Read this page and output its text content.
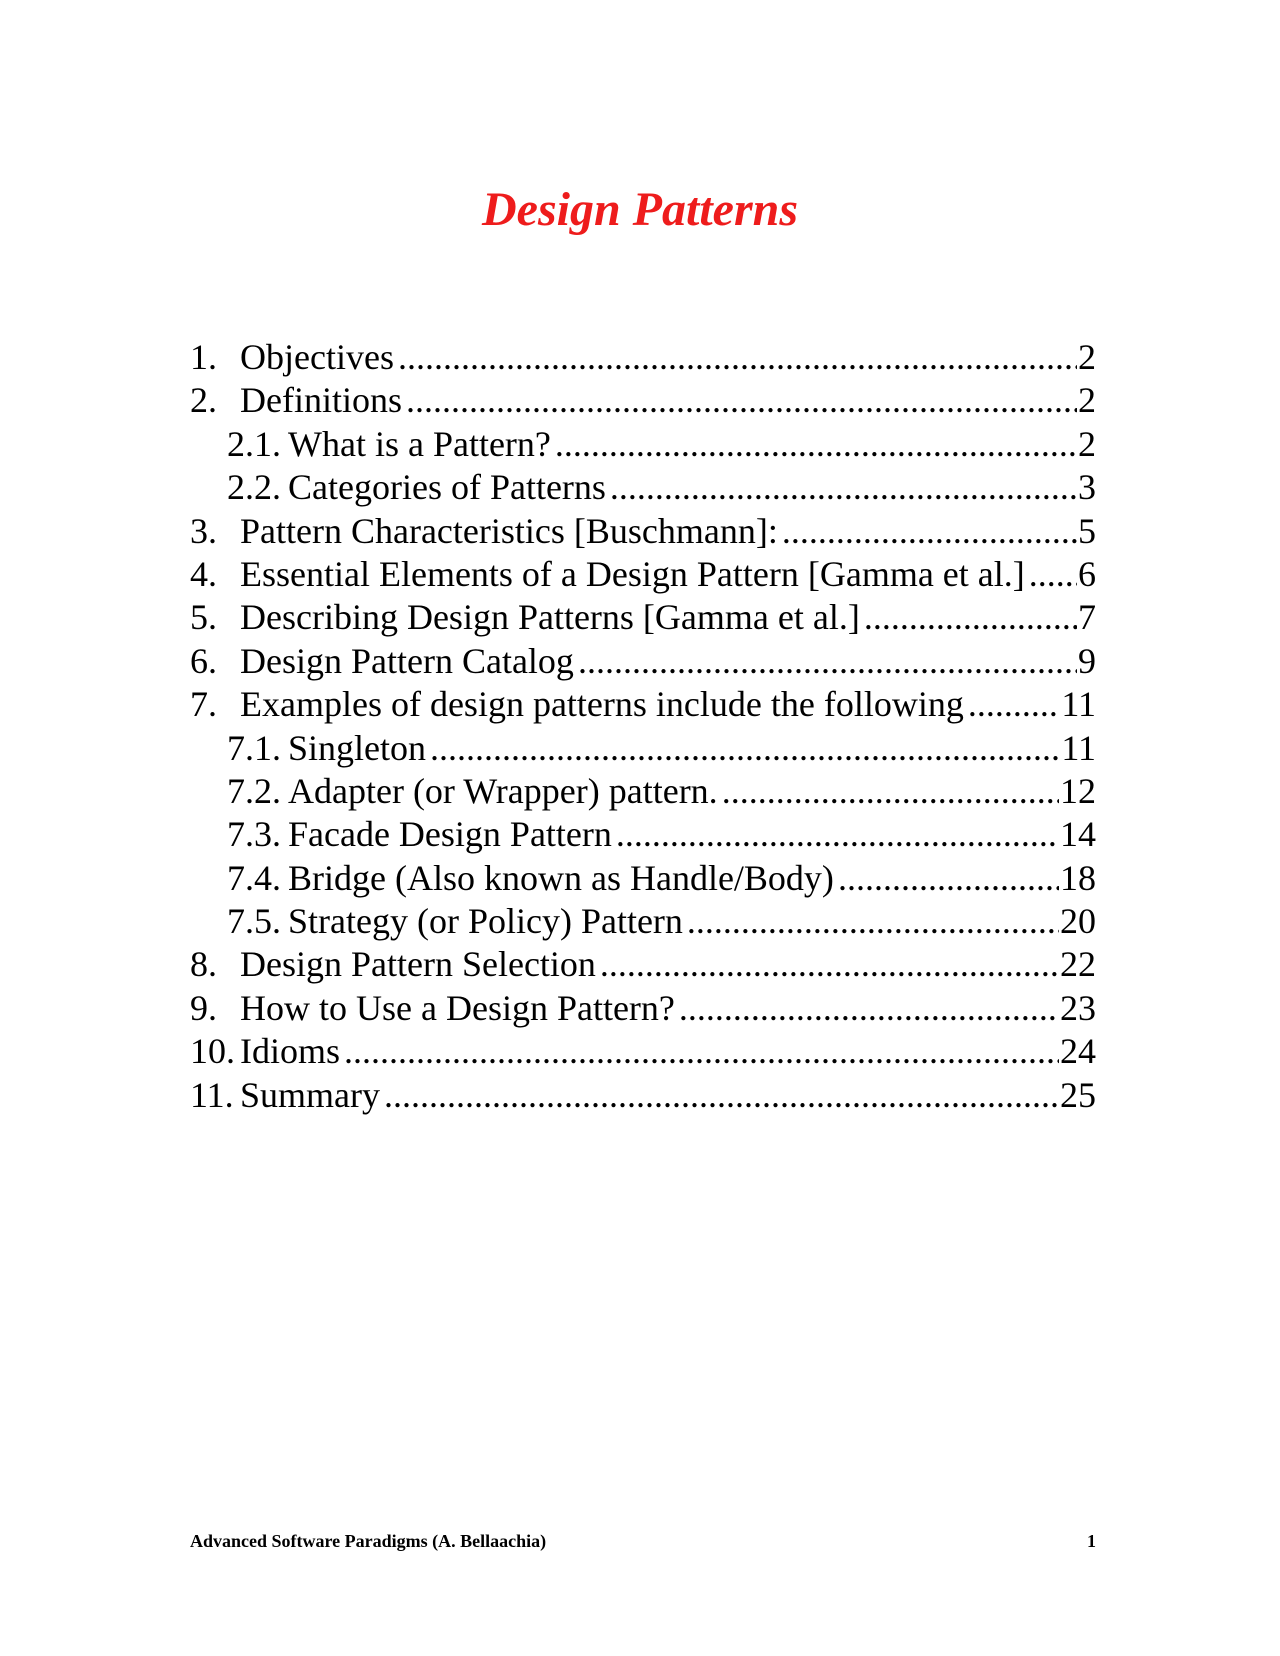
Design Patterns
1. Objectives .....	2
2. Definitions .....	2
2.1. What is a Pattern? .....	2
2.2. Categories of Patterns .....	3
3. Pattern Characteristics [Buschmann]: .....	5
4. Essential Elements of a Design Pattern [Gamma et al.] ..... 6
5. Describing Design Patterns [Gamma et al.] .....	7
6. Design Pattern Catalog .....	9
7. Examples of design patterns include the following .....	11
7.1. Singleton .....	11
7.2. Adapter (or Wrapper) pattern. .....	12
7.3. Facade Design Pattern .....	14
7.4. Bridge (Also known as Handle/Body) .....	18
7.5. Strategy (or Policy) Pattern .....	20
8. Design Pattern Selection .....	22
9. How to Use a Design Pattern? .....	23
10. Idioms .....	24
11. Summary .....	25
Advanced Software Paradigms (A. Bellaachia)	1
